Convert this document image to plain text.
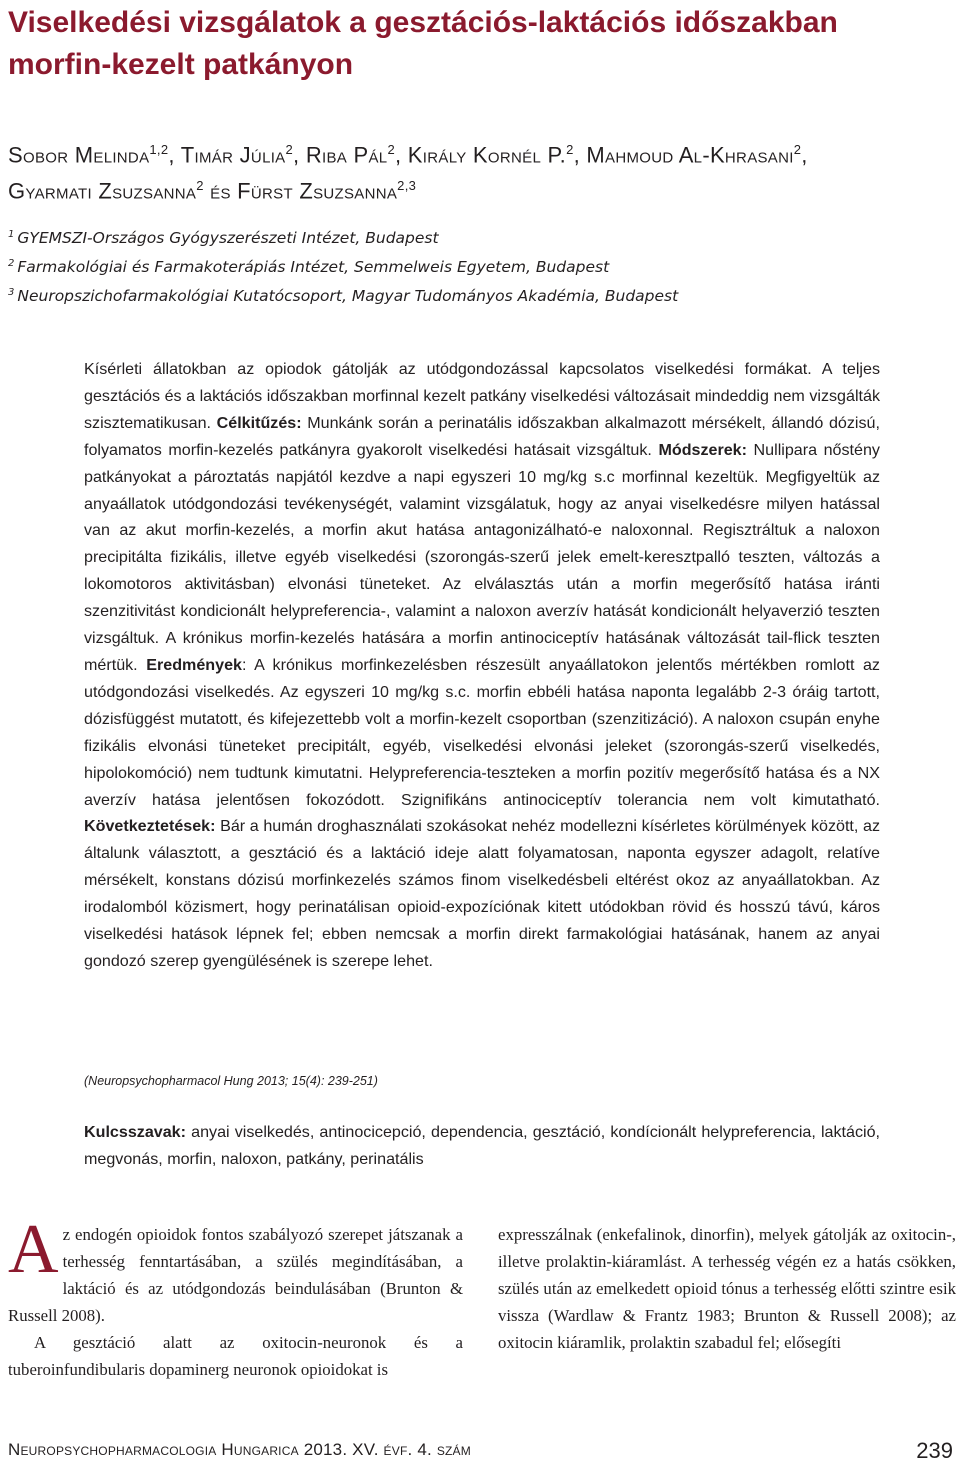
Viselkedési vizsgálatok a gesztációs-laktációs időszakban morfin-kezelt patkányon
Sobor Melinda$^{1,2}$, Timár Júlia$^2$, Riba Pál$^2$, Király Kornél P.$^2$, Mahmoud Al-Khrasani$^2$,
Gyarmati Zsuzsanna$^2$ és Fürst Zsuzsanna$^{2,3}$
$^1$ GYEMSZI-Országos Gyógyszerészeti Intézet, Budapest
$^2$ Farmakológiai és Farmakoterápiás Intézet, Semmelweis Egyetem, Budapest
$^3$ Neuropszichofarmakológiai Kutatócsoport, Magyar Tudományos Akadémia, Budapest

Kísérleti állatokban az opiodok gátolják az utódgondozással kapcsolatos viselkedési formákat. A teljes gesztációs és a laktációs időszakban morfinnal kezelt patkány viselkedési változásait mindeddig nem vizsgálták szisztematikusan. Célkitűzés: Munkánk során a perinatális időszakban alkalmazott mérsékelt, állandó dózisú, folyamatos morfin-kezelés patkányra gyakorolt viselkedési hatásait vizsgáltuk. Módszerek: Nullipara nőstény patkányokat a pároztatás napjától kezdve a napi egyszeri 10 mg/kg s.c morfinnal kezeltük. Megfigyeltük az anyaállatok utódgondozási tevékenységét, valamint vizsgálatuk, hogy az anyai viselkedésre milyen hatással van az akut morfin-kezelés, a morfin akut hatása antagonizálható-e naloxonnal. Regisztráltuk a naloxon precipitálta fizikális, illetve egyéb viselkedési (szorongás-szerű jelek emelt-keresztpalló teszten, változás a lokomotoros aktivitásban) elvonási tüneteket. Az elválasztás után a morfin megerősítő hatása iránti szenzitivitást kondicionált helypreferencia-, valamint a naloxon averzív hatását kondicionált helyaverzió teszten vizsgáltuk. A krónikus morfin-kezelés hatására a morfin antinociceptív hatásának változását tail-flick teszten mértük. Eredmények: A krónikus morfinkezelésben részesült anyaállatokon jelentős mértékben romlott az utódgondozási viselkedés. Az egyszeri 10 mg/kg s.c. morfin ebbéli hatása naponta legalább 2-3 óráig tartott, dózisfüggést mutatott, és kifejezettebb volt a morfin-kezelt csoportban (szenzitizáció). A naloxon csupán enyhe fizikális elvonási tüneteket precipitált, egyéb, viselkedési elvonási jeleket (szorongás-szerű viselkedés, hipolokomóció) nem tudtunk kimutatni. Helypreferencia-teszteken a morfin pozitív megerősítő hatása és a NX averzív hatása jelentősen fokozódott. Szignifikáns antinociceptív tolerancia nem volt kimutatható. Következtetések: Bár a humán droghasználati szokásokat nehéz modellezni kísérletes körülmények között, az általunk választott, a gesztáció és a laktáció ideje alatt folyamatosan, naponta egyszer adagolt, relatíve mérsékelt, konstans dózisú morfinkezelés számos finom viselkedésbeli eltérést okoz az anyaállatokban. Az irodalomból közismert, hogy perinatálisan opioid-expozíciónak kitett utódokban rövid és hosszú távú, káros viselkedési hatások lépnek fel; ebben nemcsak a morfin direkt farmakológiai hatásának, hanem az anyai gondozó szerep gyengülésének is szerepe lehet.

(Neuropsychopharmacol Hung 2013; 15(4): 239-251)

Kulcsszavak: anyai viselkedés, antinocicepció, dependencia, gesztáció, kondícionált helypreferencia, laktáció, megvonás, morfin, naloxon, patkány, perinatális

Az endogén opioidok fontos szabályozó szerepet játszanak a terhesség fenntartásában, a szülés megindításában, a laktáció és az utódgondozás beindulásában (Brunton & Russell 2008).

A gesztáció alatt az oxitocin-neuronok és a tuberoinfundibularis dopaminerg neuronok opioidokat is

expresszálnak (enkefalinok, dinorfin), melyek gátolják az oxitocin-, illetve prolaktin-kiáramlást. A terhesség végén ez a hatás csökken, szülés után az emelkedett opioid tónus a terhesség előtti szintre esik vissza (Wardlaw & Frantz 1983; Brunton & Russell 2008); az oxitocin kiáramlik, prolaktin szabadul fel; elősegíti

Neuropsychopharmacologia Hungarica 2013. XV. évf. 4. szám	239
